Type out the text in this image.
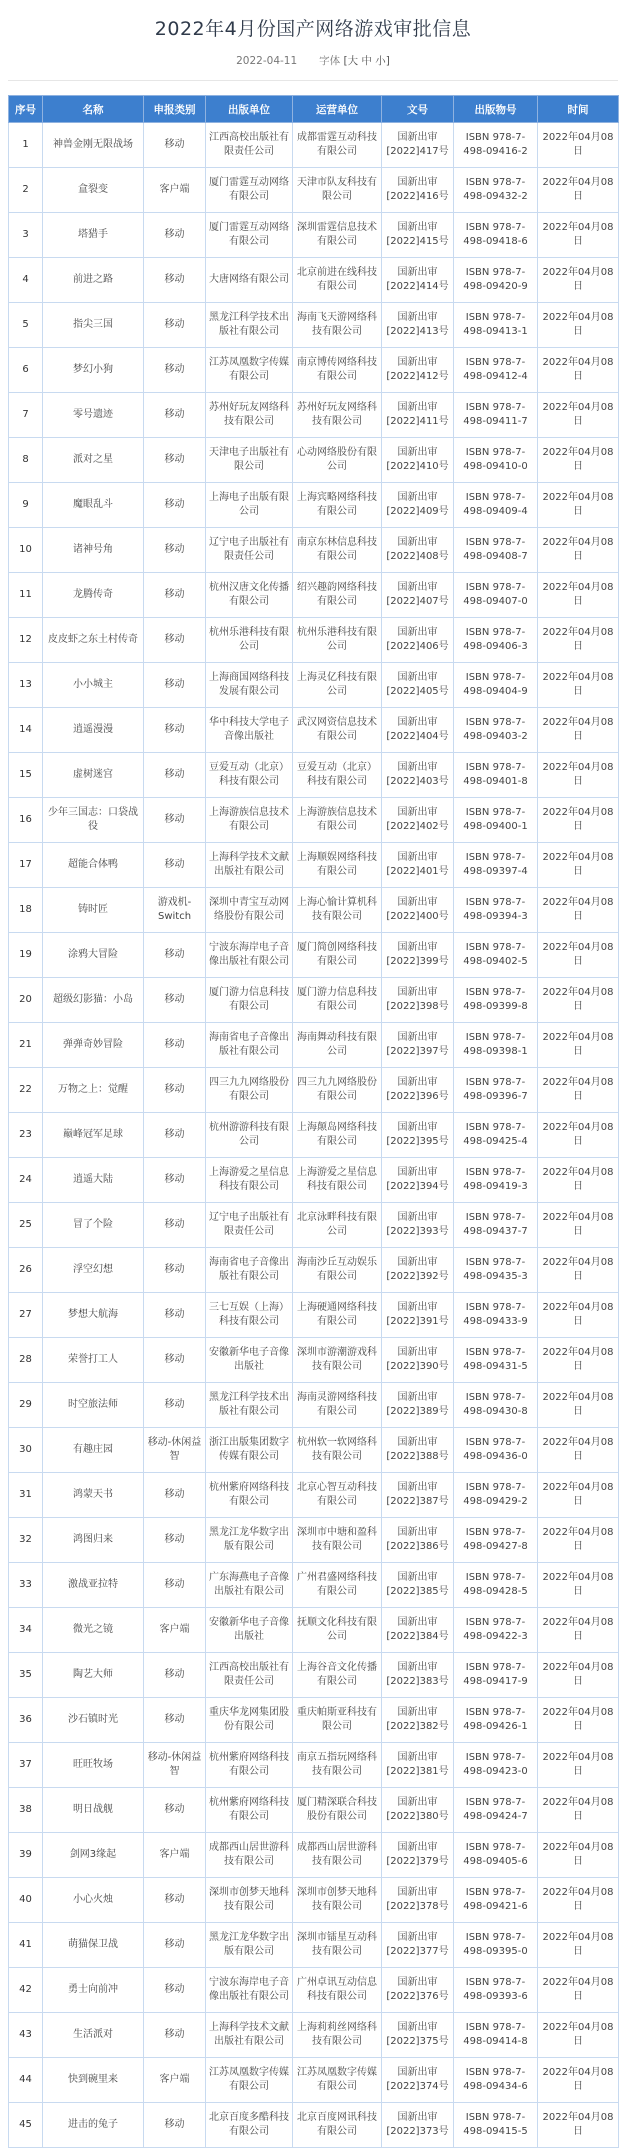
2022年4月份国产网络游戏审批信息
2022-04-11 字体 [大 中 小]
序号	名称	申报类别	出版单位	运营单位	文号	出版物号	时间
1	神兽金刚无限战场	移动	江西高校出版社有限责任公司	成都雷霆互动科技有限公司	国新出审[2022]417号	ISBN 978-7-498-09416-2	2022年04月08日
2	盒裂变	客户端	厦门雷霆互动网络有限公司	天津市队友科技有限公司	国新出审[2022]416号	ISBN 978-7-498-09432-2	2022年04月08日
3	塔猎手	移动	厦门雷霆互动网络有限公司	深圳雷霆信息技术有限公司	国新出审[2022]415号	ISBN 978-7-498-09418-6	2022年04月08日
4	前进之路	移动	大唐网络有限公司	北京前进在线科技有限公司	国新出审[2022]414号	ISBN 978-7-498-09420-9	2022年04月08日
5	指尖三国	移动	黑龙江科学技术出版社有限公司	海南飞天游网络科技有限公司	国新出审[2022]413号	ISBN 978-7-498-09413-1	2022年04月08日
6	梦幻小狗	移动	江苏凤凰数字传媒有限公司	南京博传网络科技有限公司	国新出审[2022]412号	ISBN 978-7-498-09412-4	2022年04月08日
7	零号遗迹	移动	苏州好玩友网络科技有限公司	苏州好玩友网络科技有限公司	国新出审[2022]411号	ISBN 978-7-498-09411-7	2022年04月08日
8	派对之星	移动	天津电子出版社有限公司	心动网络股份有限公司	国新出审[2022]410号	ISBN 978-7-498-09410-0	2022年04月08日
9	魔眼乱斗	移动	上海电子出版有限公司	上海宾略网络科技有限公司	国新出审[2022]409号	ISBN 978-7-498-09409-4	2022年04月08日
10	诸神号角	移动	辽宁电子出版社有限责任公司	南京东林信息科技有限公司	国新出审[2022]408号	ISBN 978-7-498-09408-7	2022年04月08日
11	龙腾传奇	移动	杭州汉唐文化传播有限公司	绍兴趣韵网络科技有限公司	国新出审[2022]407号	ISBN 978-7-498-09407-0	2022年04月08日
12	皮皮虾之东土村传奇	移动	杭州乐港科技有限公司	杭州乐港科技有限公司	国新出审[2022]406号	ISBN 978-7-498-09406-3	2022年04月08日
13	小小城主	移动	上海商国网络科技发展有限公司	上海灵亿科技有限公司	国新出审[2022]405号	ISBN 978-7-498-09404-9	2022年04月08日
14	逍遥漫漫	移动	华中科技大学电子音像出版社	武汉网资信息技术有限公司	国新出审[2022]404号	ISBN 978-7-498-09403-2	2022年04月08日
15	虚树迷宫	移动	豆爱互动（北京）科技有限公司	豆爱互动（北京）科技有限公司	国新出审[2022]403号	ISBN 978-7-498-09401-8	2022年04月08日
16	少年三国志：口袋战役	移动	上海游族信息技术有限公司	上海游族信息技术有限公司	国新出审[2022]402号	ISBN 978-7-498-09400-1	2022年04月08日
17	超能合体鸭	移动	上海科学技术文献出版社有限公司	上海顺娱网络科技有限公司	国新出审[2022]401号	ISBN 978-7-498-09397-4	2022年04月08日
18	铸时匠	游戏机-Switch	深圳中青宝互动网络股份有限公司	上海心愉计算机科技有限公司	国新出审[2022]400号	ISBN 978-7-498-09394-3	2022年04月08日
19	涂鸦大冒险	移动	宁波东海岸电子音像出版社有限公司	厦门简创网络科技有限公司	国新出审[2022]399号	ISBN 978-7-498-09402-5	2022年04月08日
20	超级幻影猫：小岛	移动	厦门游力信息科技有限公司	厦门游力信息科技有限公司	国新出审[2022]398号	ISBN 978-7-498-09399-8	2022年04月08日
21	弹弹奇妙冒险	移动	海南省电子音像出版社有限公司	海南舞动科技有限公司	国新出审[2022]397号	ISBN 978-7-498-09398-1	2022年04月08日
22	万物之上：觉醒	移动	四三九九网络股份有限公司	四三九九网络股份有限公司	国新出审[2022]396号	ISBN 978-7-498-09396-7	2022年04月08日
23	巅峰冠军足球	移动	杭州游游科技有限公司	上海颠岛网络科技有限公司	国新出审[2022]395号	ISBN 978-7-498-09425-4	2022年04月08日
24	逍遥大陆	移动	上海游爱之星信息科技有限公司	上海游爱之星信息科技有限公司	国新出审[2022]394号	ISBN 978-7-498-09419-3	2022年04月08日
25	冒了个险	移动	辽宁电子出版社有限责任公司	北京泳畔科技有限公司	国新出审[2022]393号	ISBN 978-7-498-09437-7	2022年04月08日
26	浮空幻想	移动	海南省电子音像出版社有限公司	海南沙丘互动娱乐有限公司	国新出审[2022]392号	ISBN 978-7-498-09435-3	2022年04月08日
27	梦想大航海	移动	三七互娱（上海）科技有限公司	上海硬通网络科技有限公司	国新出审[2022]391号	ISBN 978-7-498-09433-9	2022年04月08日
28	荣誉打工人	移动	安徽新华电子音像出版社	深圳市游潮游戏科技有限公司	国新出审[2022]390号	ISBN 978-7-498-09431-5	2022年04月08日
29	时空旅法师	移动	黑龙江科学技术出版社有限公司	海南灵游网络科技有限公司	国新出审[2022]389号	ISBN 978-7-498-09430-8	2022年04月08日
30	有趣庄园	移动-休闲益智	浙江出版集团数字传媒有限公司	杭州软一软网络科技有限公司	国新出审[2022]388号	ISBN 978-7-498-09436-0	2022年04月08日
31	鸿蒙天书	移动	杭州紫府网络科技有限公司	北京心智互动科技有限公司	国新出审[2022]387号	ISBN 978-7-498-09429-2	2022年04月08日
32	鸿图归来	移动	黑龙江龙华数字出版有限公司	深圳市中塘和盈科技有限公司	国新出审[2022]386号	ISBN 978-7-498-09427-8	2022年04月08日
33	激战亚拉特	移动	广东海燕电子音像出版社有限公司	广州君盛网络科技有限公司	国新出审[2022]385号	ISBN 978-7-498-09428-5	2022年04月08日
34	微光之镜	客户端	安徽新华电子音像出版社	抚顺文化科技有限公司	国新出审[2022]384号	ISBN 978-7-498-09422-3	2022年04月08日
35	陶艺大师	移动	江西高校出版社有限责任公司	上海谷音文化传播有限公司	国新出审[2022]383号	ISBN 978-7-498-09417-9	2022年04月08日
36	沙石镇时光	移动	重庆华龙网集团股份有限公司	重庆帕斯亚科技有限公司	国新出审[2022]382号	ISBN 978-7-498-09426-1	2022年04月08日
37	旺旺牧场	移动-休闲益智	杭州紫府网络科技有限公司	南京五指玩网络科技有限公司	国新出审[2022]381号	ISBN 978-7-498-09423-0	2022年04月08日
38	明日战舰	移动	杭州紫府网络科技有限公司	厦门精深联合科技股份有限公司	国新出审[2022]380号	ISBN 978-7-498-09424-7	2022年04月08日
39	剑网3缘起	客户端	成都西山居世游科技有限公司	成都西山居世游科技有限公司	国新出审[2022]379号	ISBN 978-7-498-09405-6	2022年04月08日
40	小心火烛	移动	深圳市创梦天地科技有限公司	深圳市创梦天地科技有限公司	国新出审[2022]378号	ISBN 978-7-498-09421-6	2022年04月08日
41	萌猫保卫战	移动	黑龙江龙华数字出版有限公司	深圳市镭星互动科技有限公司	国新出审[2022]377号	ISBN 978-7-498-09395-0	2022年04月08日
42	勇士向前冲	移动	宁波东海岸电子音像出版社有限公司	广州卓讯互动信息科技有限公司	国新出审[2022]376号	ISBN 978-7-498-09393-6	2022年04月08日
43	生活派对	移动	上海科学技术文献出版社有限公司	上海莉莉丝网络科技有限公司	国新出审[2022]375号	ISBN 978-7-498-09414-8	2022年04月08日
44	快到碗里来	客户端	江苏凤凰数字传媒有限公司	江苏凤凰数字传媒有限公司	国新出审[2022]374号	ISBN 978-7-498-09434-6	2022年04月08日
45	进击的兔子	移动	北京百度多酷科技有限公司	北京百度网讯科技有限公司	国新出审[2022]373号	ISBN 978-7-498-09415-5	2022年04月08日
